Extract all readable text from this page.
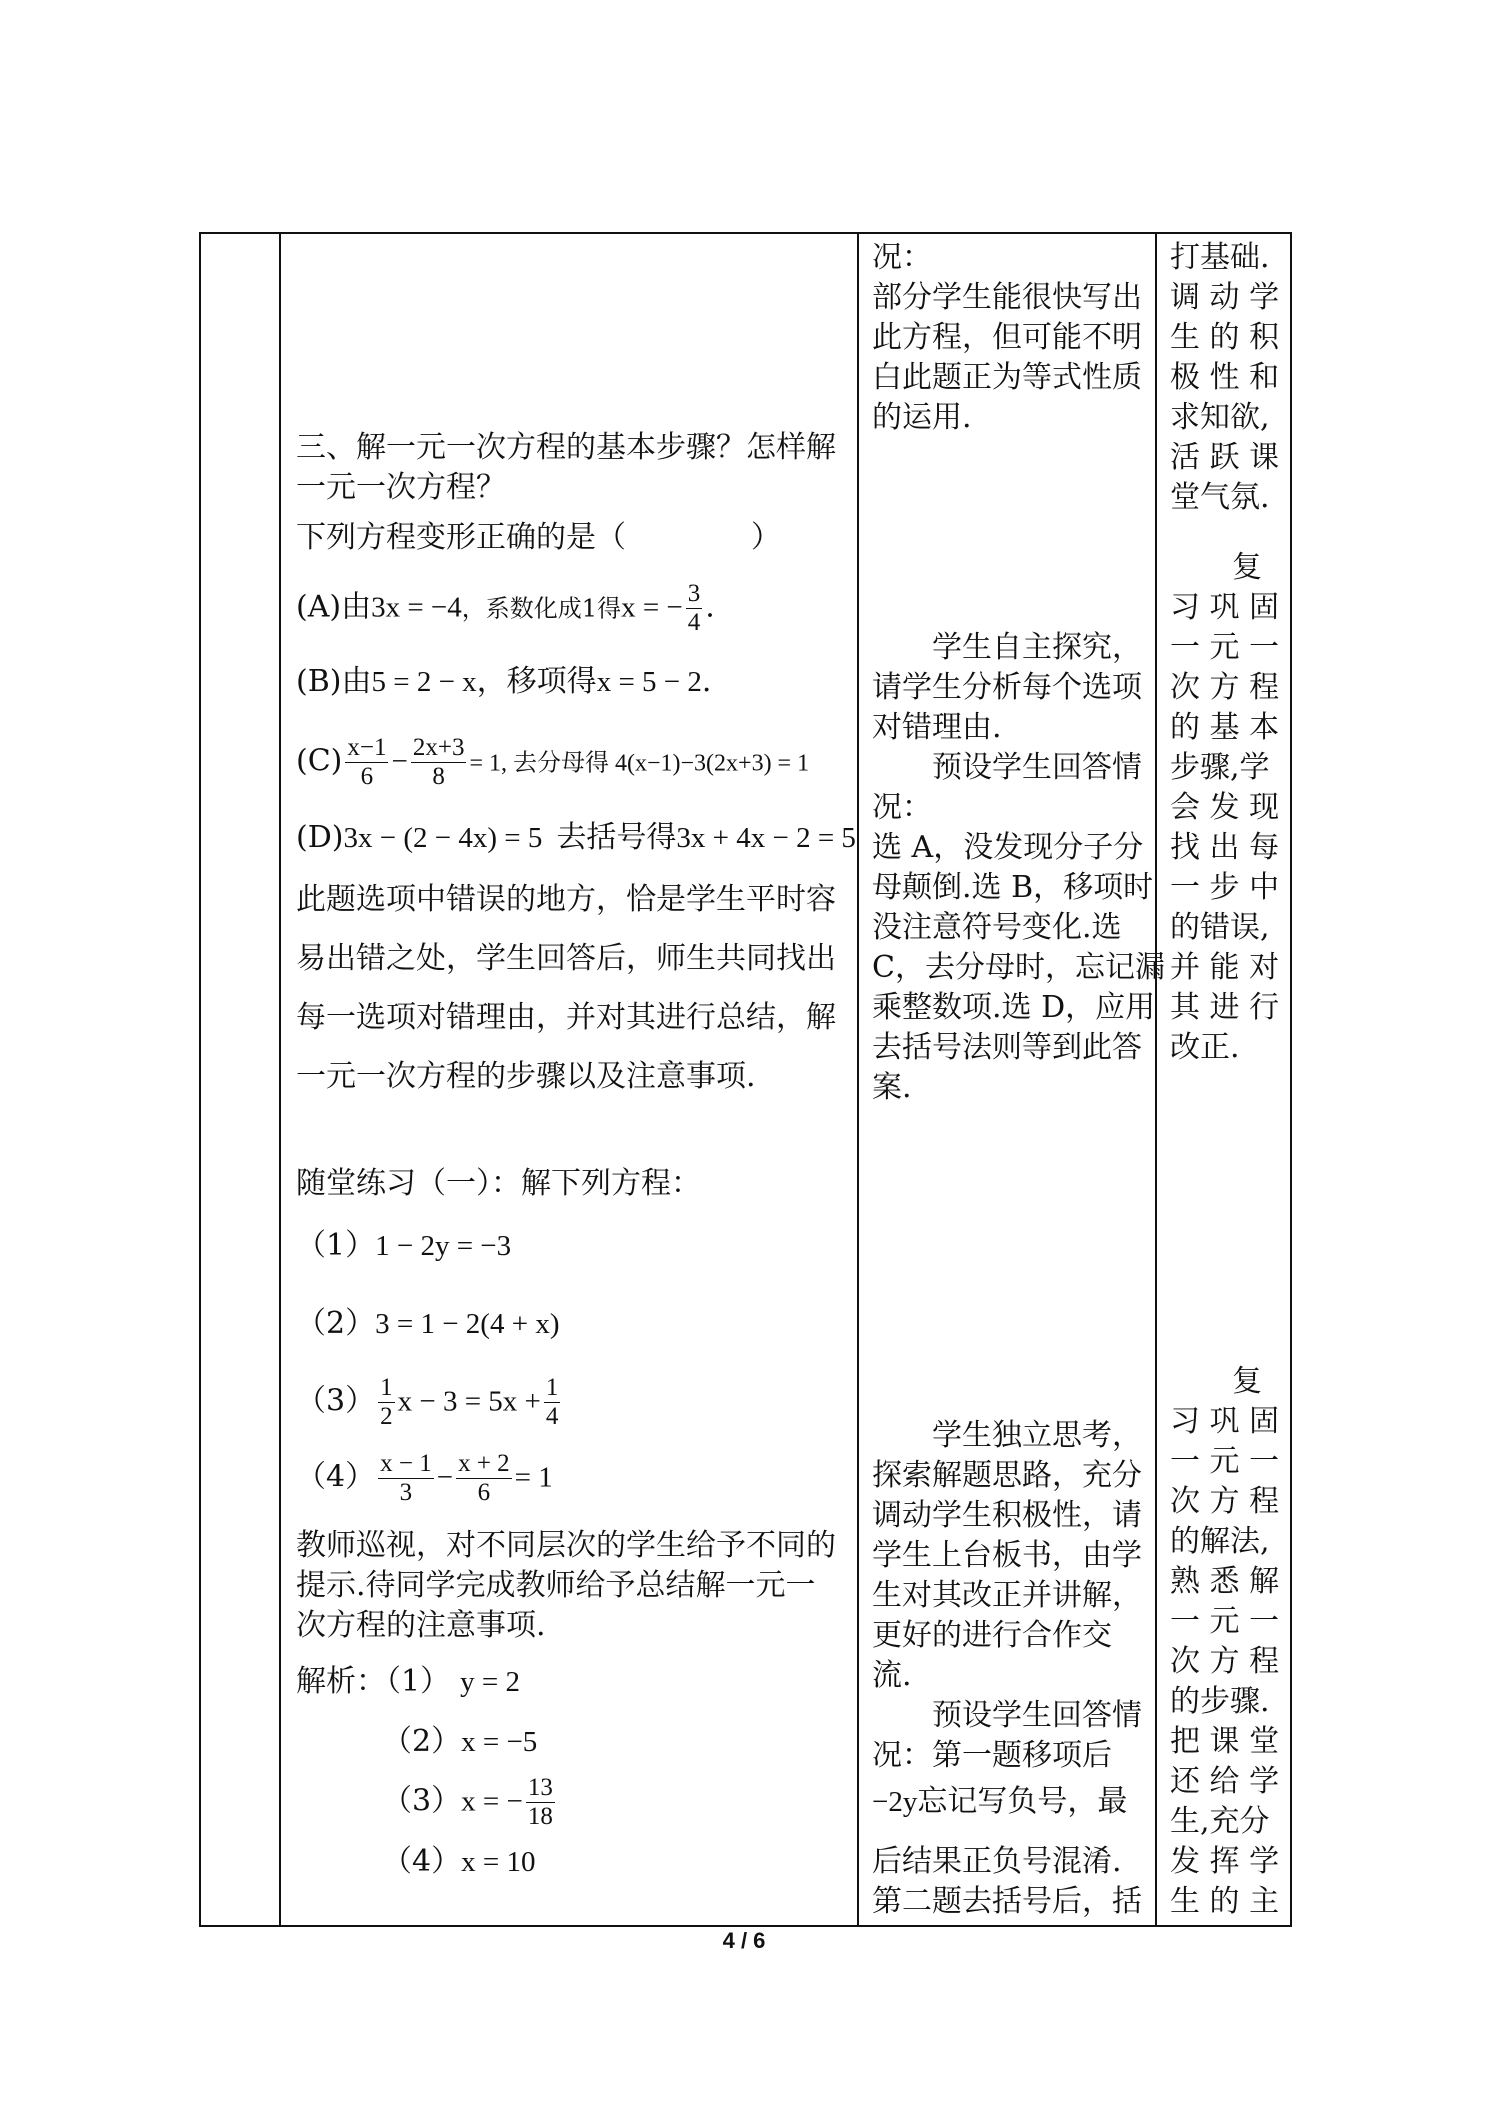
三、解一元一次方程的基本步骤？怎样解
一元一次方程？
下列方程变形正确的是（	）
(A)由3x = −4，系数化成1得x = − $\frac{3}{4}$ .
(B)由5 = 2 − x，移项得x = 5 − 2.
$(C) \frac{x-1}{6} - \frac{2x+3}{8} = 1$, 去分母得 4(x−1)−3(2x+3) = 1
(D)3x − (2 − 4x) = 5 去括号得3x + 4x − 2 = 5
此题选项中错误的地方，恰是学生平时容
易出错之处，学生回答后，师生共同找出
每一选项对错理由，并对其进行总结，解
一元一次方程的步骤以及注意事项.
随堂练习（一）：解下列方程：
（1）1 − 2y = −3
（2）3 = 1 − 2(4 + x)
$(3) \frac{1}{2}$ $x - 3 = 5x + \frac{1}{4}$
$(4) \frac{x - 1}{3} - \frac{x + 2}{6} = 1$
教师巡视，对不同层次的学生给予不同的
提示.待同学完成教师给予总结解一元一
次方程的注意事项.
解析：（1） y = 2
（2）x = −5
（3）x = − $\frac{13}{18}$
（4）x = 10
况：
部分学生能很快写出
此方程，但可能不明
白此题正为等式性质
的运用.
学生自主探究，
请学生分析每个选项
对错理由.
预设学生回答情
况：
选 A，没发现分子分
母颠倒.选 B，移项时
没注意符号变化.选
C，去分母时，忘记漏
乘整数项.选 D，应用
去括号法则等到此答
案.
学生独立思考，
探索解题思路，充分
调动学生积极性，请
学生上台板书，由学
生对其改正并讲解，
更好的进行合作交
流.
预设学生回答情
况：第一题移项后
−2y忘记写负号，最
后结果正负号混淆.
第二题去括号后，括
打基础.
调 动 学
生 的 积
极 性 和
求知欲,
活 跃 课
堂气氛.
复
习 巩 固
一 元 一
次 方 程
的 基 本
步骤,学
会 发 现
找 出 每
一 步 中
的错误,
并 能 对
其 进 行
改正.
复
习 巩 固
一 元 一
次 方 程
的解法,
熟 悉 解
一 元 一
次 方 程
的步骤.
把 课 堂
还 给 学
生,充分
发 挥 学
生 的 主
4 / 6
